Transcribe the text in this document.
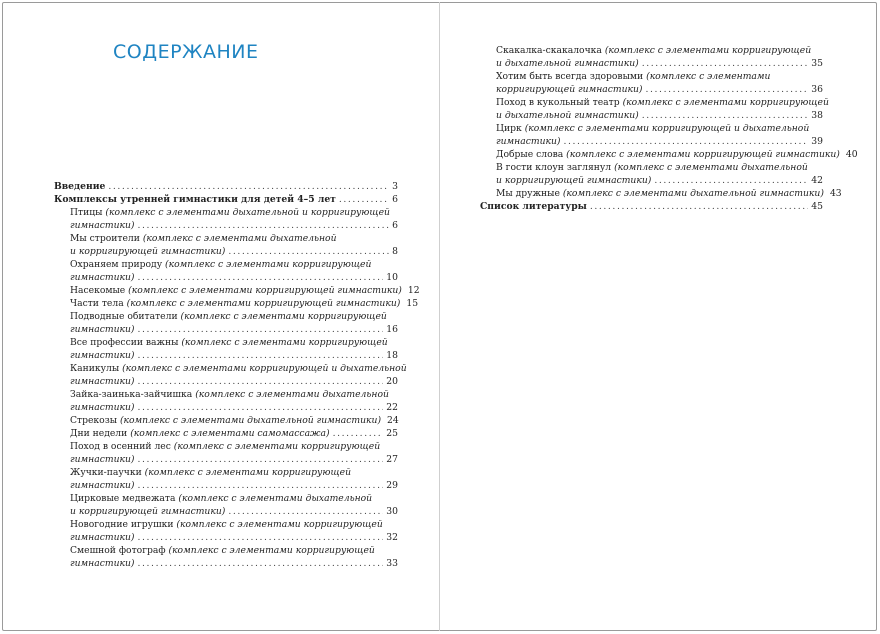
СОДЕРЖАНИЕ
Введение .....	3
Комплексы утренней гимнастики для детей 4–5 лет .....	6
Птицы (комплекс с элементами дыхательной и корригирующей
гимнастики) .....	6
Мы строители (комплекс с элементами дыхательной
и корригирующей гимнастики) .....	8
Охраняем природу (комплекс с элементами корригирующей
гимнастики) .....	10
Насекомые
(комплекс с элементами корригирующей гимнастики) 12
Части тела
(комплекс с элементами корригирующей гимнастики) 15
Подводные обитатели (комплекс с элементами корригирующей
гимнастики) .....	16
Все профессии важны (комплекс с элементами корригирующей
гимнастики) .....	18
Каникулы (комплекс с элементами корригирующей и дыхательной
гимнастики) .....	20
Зайка-заинька-зайчишка (комплекс с элементами дыхательной
гимнастики) .....	22
Стрекозы
(комплекс с элементами дыхательной гимнастики) 24
Дни недели
(комплекс с элементами самомассажа) .....	25
Поход в осенний лес (комплекс с элементами корригирующей
гимнастики) .....	27
Жучки-паучки (комплекс с элементами корригирующей
гимнастики) .....	29
Цирковые медвежата (комплекс с элементами дыхательной
и корригирующей гимнастики) .....	30
Новогодние игрушки (комплекс с элементами корригирующей
гимнастики) .....	32
Смешной фотограф (комплекс с элементами корригирующей
гимнастики) .....	33
Скакалка-скакалочка (комплекс с элементами корригирующей
и дыхательной гимнастики) .....	35
Хотим быть всегда здоровыми (комплекс с элементами
корригирующей гимнастики) .....	36
Поход в кукольный театр (комплекс с элементами корригирующей
и дыхательной гимнастики) .....	38
Цирк (комплекс с элементами корригирующей и дыхательной
гимнастики) .....	39
Добрые слова
(комплекс с элементами корригирующей гимнастики) 40
В гости клоун заглянул (комплекс с элементами дыхательной
и корригирующей гимнастики) .....	42
Мы дружные
(комплекс с элементами дыхательной гимнастики) 43
Список литературы .....	45
